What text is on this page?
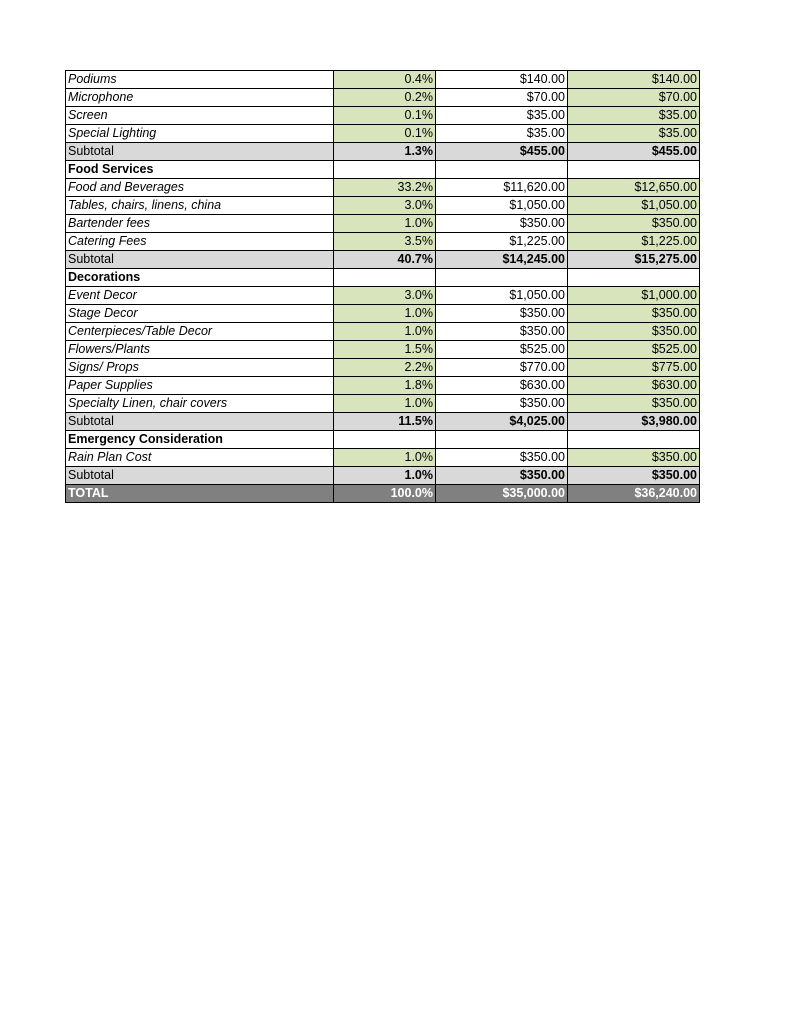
Podiums	0.4%	$140.00	$140.00
Microphone	0.2%	$70.00	$70.00
Screen	0.1%	$35.00	$35.00
Special Lighting	0.1%	$35.00	$35.00
Subtotal	1.3%	$455.00	$455.00
Food Services			
Food and Beverages	33.2%	$11,620.00	$12,650.00
Tables, chairs, linens, china	3.0%	$1,050.00	$1,050.00
Bartender fees	1.0%	$350.00	$350.00
Catering Fees	3.5%	$1,225.00	$1,225.00
Subtotal	40.7%	$14,245.00	$15,275.00
Decorations			
Event Decor	3.0%	$1,050.00	$1,000.00
Stage Decor	1.0%	$350.00	$350.00
Centerpieces/Table Decor	1.0%	$350.00	$350.00
Flowers/Plants	1.5%	$525.00	$525.00
Signs/ Props	2.2%	$770.00	$775.00
Paper Supplies	1.8%	$630.00	$630.00
Specialty Linen, chair covers	1.0%	$350.00	$350.00
Subtotal	11.5%	$4,025.00	$3,980.00
Emergency Consideration			
Rain Plan Cost	1.0%	$350.00	$350.00
Subtotal	1.0%	$350.00	$350.00
TOTAL	100.0%	$35,000.00	$36,240.00
